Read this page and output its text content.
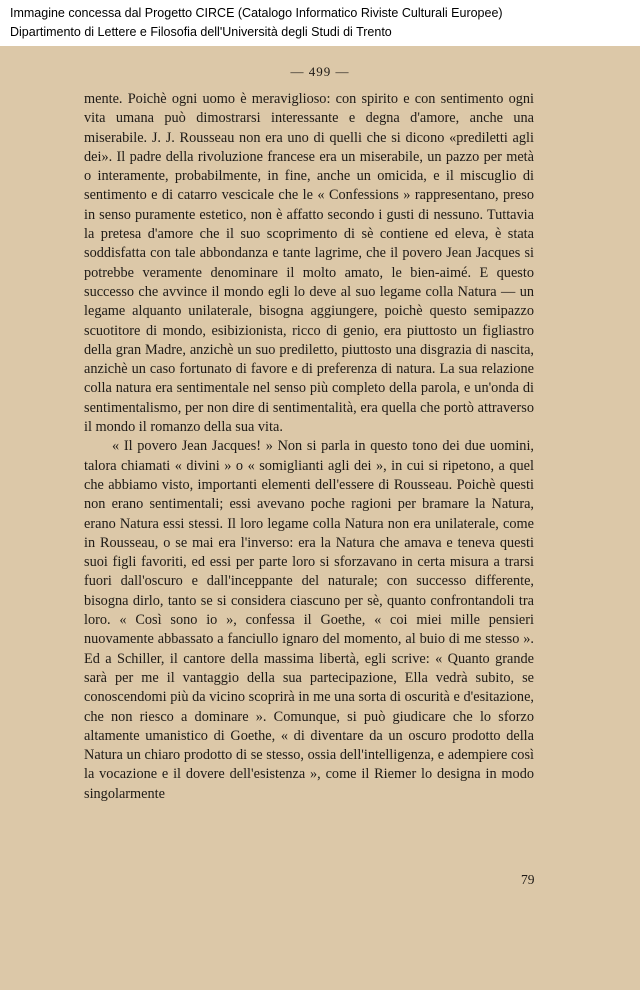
Immagine concessa dal Progetto CIRCE (Catalogo Informatico Riviste Culturali Europee)
Dipartimento di Lettere e Filosofia dell'Università degli Studi di Trento
— 499 —

mente. Poichè ogni uomo è meraviglioso: con spirito e con sentimento ogni vita umana può dimostrarsi interessante e degna d'amore, anche una miserabile. J. J. Rousseau non era uno di quelli che si dicono «prediletti agli dei». Il padre della rivoluzione francese era un miserabile, un pazzo per metà o interamente, probabilmente, in fine, anche un omicida, e il miscuglio di sentimento e di catarro vescicale che le « Confessions » rappresentano, preso in senso puramente estetico, non è affatto secondo i gusti di nessuno. Tuttavia la pretesa d'amore che il suo scoprimento di sè contiene ed eleva, è stata soddisfatta con tale abbondanza e tante lagrime, che il povero Jean Jacques si potrebbe veramente denominare il molto amato, le bien-aimé. E questo successo che avvince il mondo egli lo deve al suo legame colla Natura — un legame alquanto unilaterale, bisogna aggiungere, poichè questo semipazzo scuotitore di mondo, esibizionista, ricco di genio, era piuttosto un figliastro della gran Madre, anzichè un suo prediletto, piuttosto una disgrazia di nascita, anzichè un caso fortunato di favore e di preferenza di natura. La sua relazione colla natura era sentimentale nel senso più completo della parola, e un'onda di sentimentalismo, per non dire di sentimentalità, era quella che portò attraverso il mondo il romanzo della sua vita.

« Il povero Jean Jacques! » Non si parla in questo tono dei due uomini, talora chiamati « divini » o « somiglianti agli dei », in cui si ripetono, a quel che abbiamo visto, importanti elementi dell'essere di Rousseau. Poichè questi non erano sentimentali; essi avevano poche ragioni per bramare la Natura, erano Natura essi stessi. Il loro legame colla Natura non era unilaterale, come in Rousseau, o se mai era l'inverso: era la Natura che amava e teneva questi suoi figli favoriti, ed essi per parte loro si sforzavano in certa misura a trarsi fuori dall'oscuro e dall'inceppante del naturale; con successo differente, bisogna dirlo, tanto se si considera ciascuno per sè, quanto confrontandoli tra loro. « Così sono io », confessa il Goethe, « coi miei mille pensieri nuovamente abbassato a fanciullo ignaro del momento, al buio di me stesso ». Ed a Schiller, il cantore della massima libertà, egli scrive: « Quanto grande sarà per me il vantaggio della sua partecipazione, Ella vedrà subito, se conoscendomi più da vicino scoprirà in me una sorta di oscurità e d'esitazione, che non riesco a dominare ». Comunque, si può giudicare che lo sforzo altamente umanistico di Goethe, « di diventare da un oscuro prodotto della Natura un chiaro prodotto di se stesso, ossia dell'intelligenza, e adempiere così la vocazione e il dovere dell'esistenza », come il Riemer lo designa in modo singolarmente

79
